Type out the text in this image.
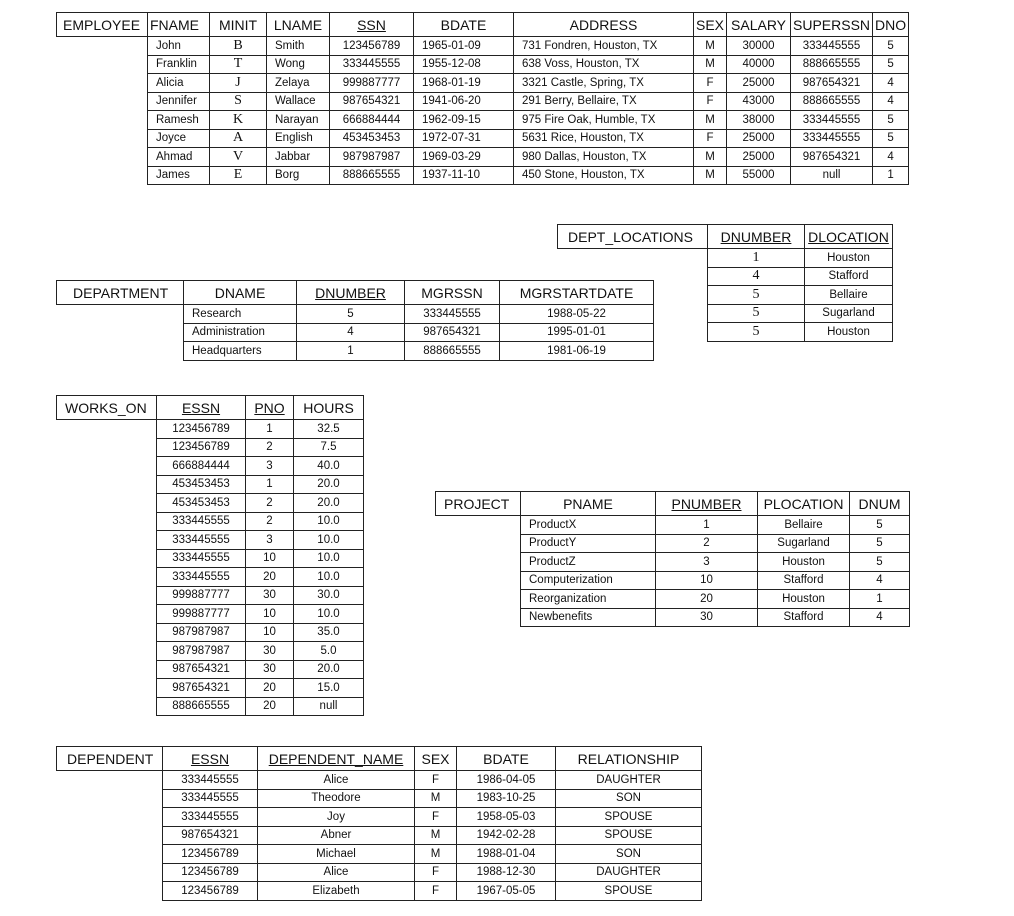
EMPLOYEE	FNAME	MINIT	LNAME	SSN	BDATE	ADDRESS	SEX	SALARY	SUPERSSN	DNO
	John	B	Smith	123456789	1965-01-09	731 Fondren, Houston, TX	M	30000	333445555	5
	Franklin	T	Wong	333445555	1955-12-08	638 Voss, Houston, TX	M	40000	888665555	5
	Alicia	J	Zelaya	999887777	1968-01-19	3321 Castle, Spring, TX	F	25000	987654321	4
	Jennifer	S	Wallace	987654321	1941-06-20	291 Berry, Bellaire, TX	F	43000	888665555	4
	Ramesh	K	Narayan	666884444	1962-09-15	975 Fire Oak, Humble, TX	M	38000	333445555	5
	Joyce	A	English	453453453	1972-07-31	5631 Rice, Houston, TX	F	25000	333445555	5
	Ahmad	V	Jabbar	987987987	1969-03-29	980 Dallas, Houston, TX	M	25000	987654321	4
	James	E	Borg	888665555	1937-11-10	450 Stone, Houston, TX	M	55000	null	1
DEPT_LOCATIONS	DNUMBER	DLOCATION
	1	Houston
	4	Stafford
	5	Bellaire
	5	Sugarland
	5	Houston
DEPARTMENT	DNAME	DNUMBER	MGRSSN	MGRSTARTDATE
	Research	5	333445555	1988-05-22
	Administration	4	987654321	1995-01-01
	Headquarters	1	888665555	1981-06-19
WORKS_ON	ESSN	PNO	HOURS
	123456789	1	32.5
	123456789	2	7.5
	666884444	3	40.0
	453453453	1	20.0
	453453453	2	20.0
	333445555	2	10.0
	333445555	3	10.0
	333445555	10	10.0
	333445555	20	10.0
	999887777	30	30.0
	999887777	10	10.0
	987987987	10	35.0
	987987987	30	5.0
	987654321	30	20.0
	987654321	20	15.0
	888665555	20	null
PROJECT	PNAME	PNUMBER	PLOCATION	DNUM
	ProductX	1	Bellaire	5
	ProductY	2	Sugarland	5
	ProductZ	3	Houston	5
	Computerization	10	Stafford	4
	Reorganization	20	Houston	1
	Newbenefits	30	Stafford	4
DEPENDENT	ESSN	DEPENDENT_NAME	SEX	BDATE	RELATIONSHIP
	333445555	Alice	F	1986-04-05	DAUGHTER
	333445555	Theodore	M	1983-10-25	SON
	333445555	Joy	F	1958-05-03	SPOUSE
	987654321	Abner	M	1942-02-28	SPOUSE
	123456789	Michael	M	1988-01-04	SON
	123456789	Alice	F	1988-12-30	DAUGHTER
	123456789	Elizabeth	F	1967-05-05	SPOUSE
